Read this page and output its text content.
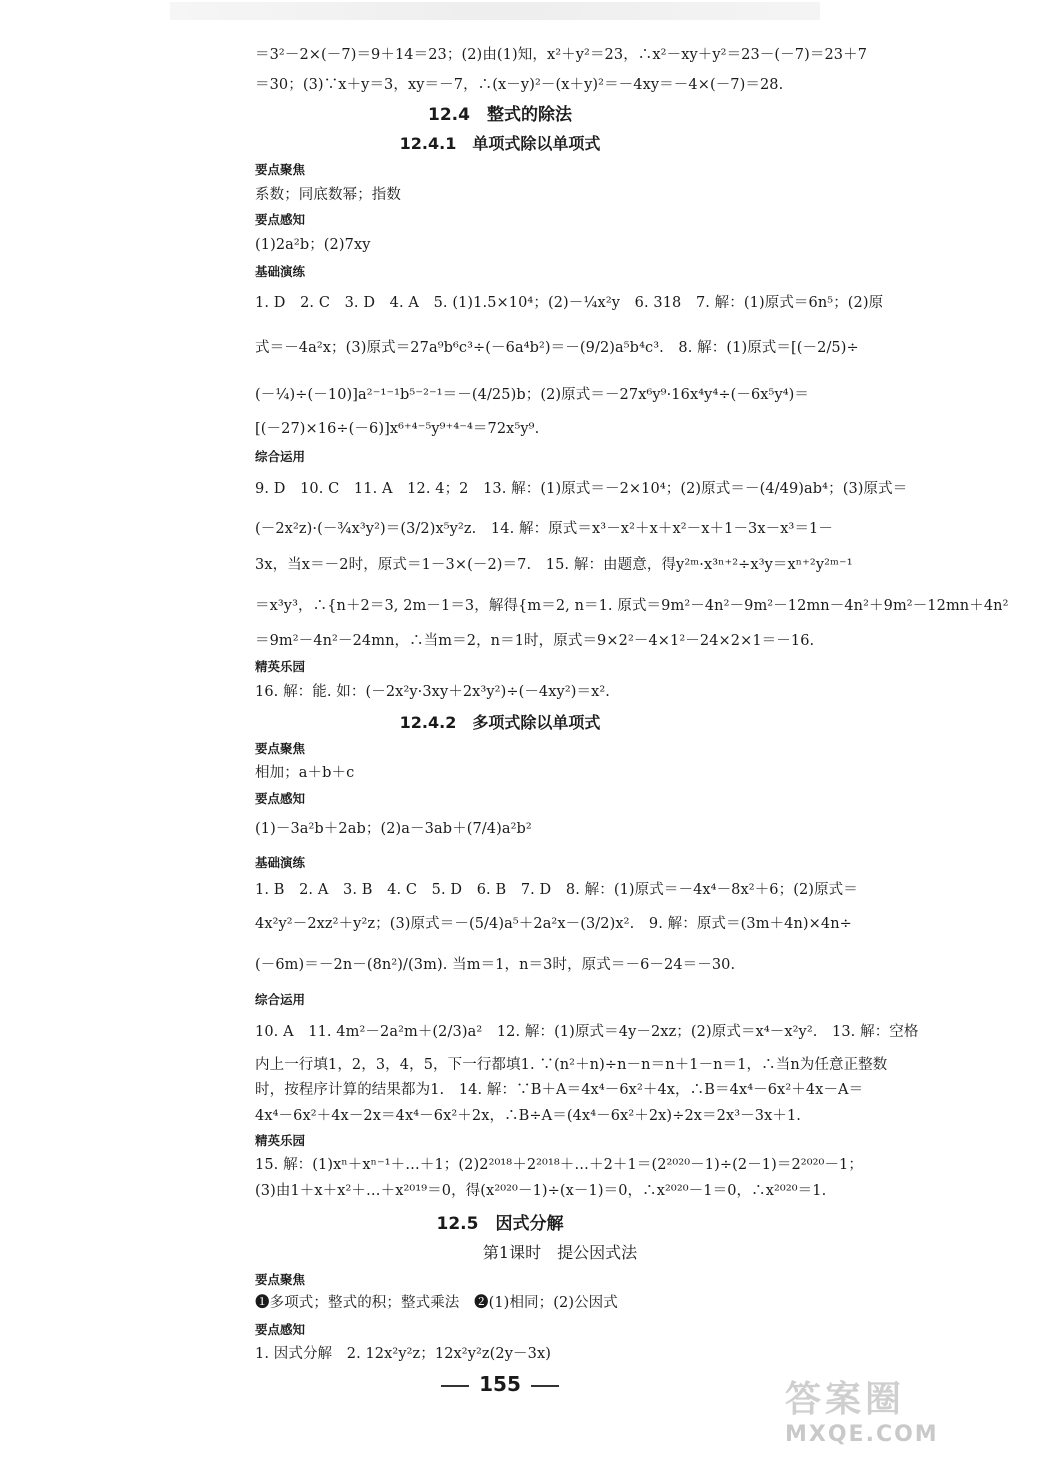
＝3²－2×(－7)＝9＋14＝23；(2)由(1)知，x²＋y²＝23，∴x²－xy＋y²＝23－(－7)＝23＋7
＝30；(3)∵x＋y＝3，xy＝－7，∴(x－y)²－(x＋y)²＝－4xy＝－4×(－7)＝28.
12.4　整式的除法
12.4.1　单项式除以单项式
要点聚焦
系数；同底数幂；指数
要点感知
(1)2a²b；(2)7xy
基础演练
1. D　2. C　3. D　4. A　5. (1)1.5×10⁴；(2)－¼x²y　6. 318　7. 解：(1)原式＝6n⁵；(2)原
式＝－4a²x；(3)原式＝27a⁹b⁶c³÷(－6a⁴b²)＝－(9/2)a⁵b⁴c³.　8. 解：(1)原式＝[(－2/5)÷
(－¼)÷(－10)]a²⁻¹⁻¹b⁵⁻²⁻¹＝－(4/25)b；(2)原式＝－27x⁶y⁹·16x⁴y⁴÷(－6x⁵y⁴)＝
[(－27)×16÷(－6)]x⁶⁺⁴⁻⁵y⁹⁺⁴⁻⁴＝72x⁵y⁹.
综合运用
9. D　10. C　11. A　12. 4；2　13. 解：(1)原式＝－2×10⁴；(2)原式＝－(4/49)ab⁴；(3)原式＝
(－2x²z)·(－¾x³y²)＝(3/2)x⁵y²z.　14. 解：原式＝x³－x²＋x＋x²－x＋1－3x－x³＝1－
3x，当x＝－2时，原式＝1－3×(－2)＝7.　15. 解：由题意，得y²ᵐ·x³ⁿ⁺²÷x³y＝xⁿ⁺²y²ᵐ⁻¹
＝x³y³，∴{n＋2＝3, 2m－1＝3，解得{m＝2, n＝1. 原式＝9m²－4n²－9m²－12mn－4n²＋9m²－12mn＋4n²
＝9m²－4n²－24mn，∴当m＝2，n＝1时，原式＝9×2²－4×1²－24×2×1＝－16.
精英乐园
16. 解：能. 如：(－2x²y·3xy＋2x³y²)÷(－4xy²)＝x².
12.4.2　多项式除以单项式
要点聚焦
相加；a＋b＋c
要点感知
(1)－3a²b＋2ab；(2)a－3ab＋(7/4)a²b²
基础演练
1. B　2. A　3. B　4. C　5. D　6. B　7. D　8. 解：(1)原式＝－4x⁴－8x²＋6；(2)原式＝
4x²y²－2xz²＋y²z；(3)原式＝－(5/4)a⁵＋2a²x－(3/2)x².　9. 解：原式＝(3m＋4n)×4n÷
(－6m)＝－2n－(8n²)/(3m). 当m＝1，n＝3时，原式＝－6－24＝－30.
综合运用
10. A　11. 4m²－2a²m＋(2/3)a²　12. 解：(1)原式＝4y－2xz；(2)原式＝x⁴－x²y².　13. 解：空格
内上一行填1，2，3，4，5，下一行都填1. ∵(n²＋n)÷n－n＝n＋1－n＝1，∴当n为任意正整数
时，按程序计算的结果都为1.　14. 解：∵B＋A＝4x⁴－6x²＋4x，∴B＝4x⁴－6x²＋4x－A＝
4x⁴－6x²＋4x－2x＝4x⁴－6x²＋2x，∴B÷A＝(4x⁴－6x²＋2x)÷2x＝2x³－3x＋1.
精英乐园
15. 解：(1)xⁿ＋xⁿ⁻¹＋…＋1；(2)2²⁰¹⁸＋2²⁰¹⁸＋…＋2＋1＝(2²⁰²⁰－1)÷(2－1)＝2²⁰²⁰－1；
(3)由1＋x＋x²＋…＋x²⁰¹⁹＝0，得(x²⁰²⁰－1)÷(x－1)＝0，∴x²⁰²⁰－1＝0，∴x²⁰²⁰＝1.
12.5　因式分解
第1课时　提公因式法
要点聚焦
❶多项式；整式的积；整式乘法　❷(1)相同；(2)公因式
要点感知
1. 因式分解　2. 12x²y²z；12x²y²z(2y－3x)
155	答案圈
MXQE.COM
